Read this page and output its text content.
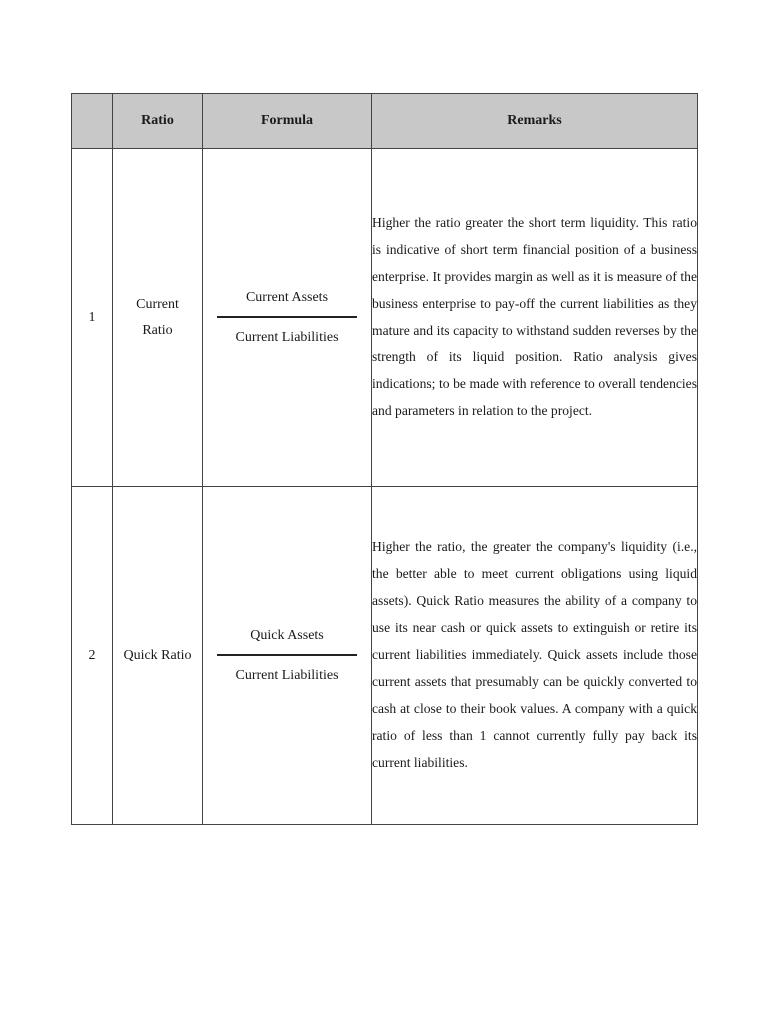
	Ratio	Formula	Remarks
1	Current Ratio	$\frac{\text{Current Assets}}{\text{Current Liabilities}}$	Higher the ratio greater the short term liquidity. This ratio is indicative of short term financial position of a business enterprise. It provides margin as well as it is measure of the business enterprise to pay-off the current liabilities as they mature and its capacity to withstand sudden reverses by the strength of its liquid position. Ratio analysis gives indications; to be made with reference to overall tendencies and parameters in relation to the project.

2	Quick Ratio	$\frac{\text{Quick Assets}}{\text{Current Liabilities}}$	Higher the ratio, the greater the company's liquidity (i.e., the better able to meet current obligations using liquid assets). Quick Ratio measures the ability of a company to use its near cash or quick assets to extinguish or retire its current liabilities immediately. Quick assets include those current assets that presumably can be quickly converted to cash at close to their book values. A company with a quick ratio of less than 1 cannot currently fully pay back its current liabilities.
